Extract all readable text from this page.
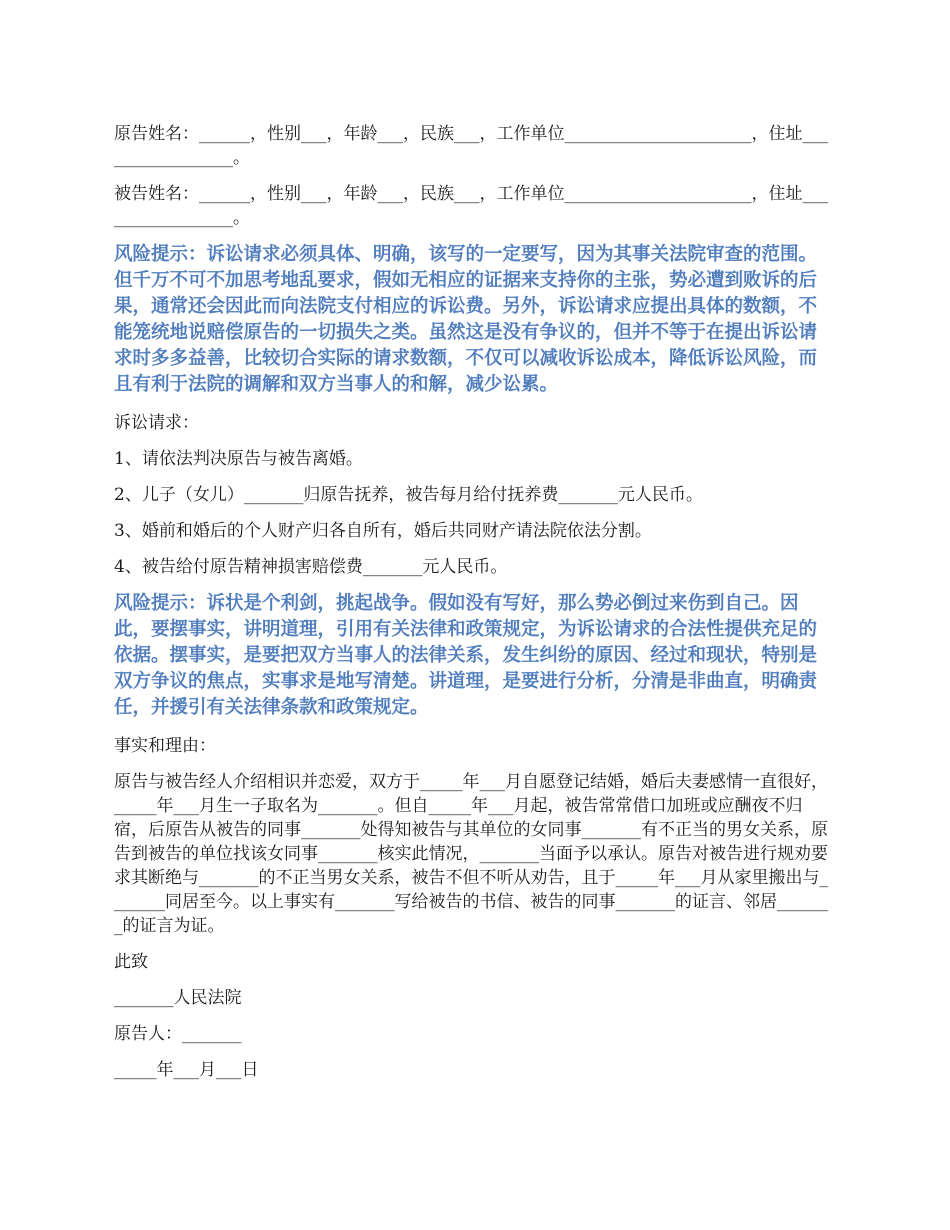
原告姓名：______，性别___，年龄___，民族___，工作单位______________________，住址_________________。

被告姓名：______，性别___，年龄___，民族___，工作单位______________________，住址_________________。

风险提示：诉讼请求必须具体、明确，该写的一定要写，因为其事关法院审查的范围。但千万不可不加思考地乱要求，假如无相应的证据来支持你的主张，势必遭到败诉的后果，通常还会因此而向法院支付相应的诉讼费。另外，诉讼请求应提出具体的数额，不能笼统地说赔偿原告的一切损失之类。虽然这是没有争议的，但并不等于在提出诉讼请求时多多益善，比较切合实际的请求数额，不仅可以减收诉讼成本，降低诉讼风险，而且有利于法院的调解和双方当事人的和解，减少讼累。

诉讼请求：

1、请依法判决原告与被告离婚。

2、儿子（女儿）_______归原告抚养，被告每月给付抚养费_______元人民币。

3、婚前和婚后的个人财产归各自所有，婚后共同财产请法院依法分割。

4、被告给付原告精神损害赔偿费_______元人民币。

风险提示：诉状是个利剑，挑起战争。假如没有写好，那么势必倒过来伤到自己。因此，要摆事实，讲明道理，引用有关法律和政策规定，为诉讼请求的合法性提供充足的依据。摆事实，是要把双方当事人的法律关系，发生纠纷的原因、经过和现状，特别是双方争议的焦点，实事求是地写清楚。讲道理，是要进行分析，分清是非曲直，明确责任，并援引有关法律条款和政策规定。

事实和理由：

原告与被告经人介绍相识并恋爱，双方于_____年___月自愿登记结婚，婚后夫妻感情一直很好，_____年___月生一子取名为_______。但自_____年___月起，被告常常借口加班或应酬夜不归宿，后原告从被告的同事_______处得知被告与其单位的女同事_______有不正当的男女关系，原告到被告的单位找该女同事_______核实此情况，_______当面予以承认。原告对被告进行规劝要求其断绝与_______的不正当男女关系，被告不但不听从劝告，且于_____年___月从家里搬出与_______同居至今。以上事实有_______写给被告的书信、被告的同事_______的证言、邻居_______的证言为证。

此致

_______人民法院

原告人：_______

_____年___月___日
